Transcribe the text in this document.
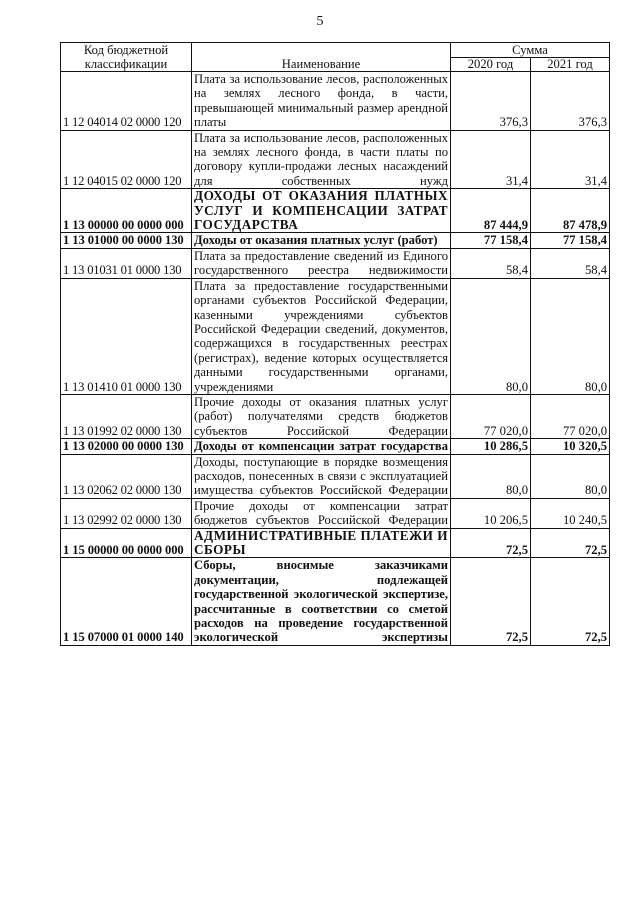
5
Код бюджетной классификации	Наименование	Сумма	
		2020 год	2021 год
1 12 04014 02 0000 120	Плата за использование лесов, расположенных на землях лесного фонда, в части, превышающей минимальный размер арендной платы	376,3	376,3
1 12 04015 02 0000 120	Плата за использование лесов, расположенных на землях лесного фонда, в части платы по договору купли-продажи лесных насаждений для собственных нужд	31,4	31,4
1 13 00000 00 0000 000	ДОХОДЫ ОТ ОКАЗАНИЯ ПЛАТНЫХ УСЛУГ И КОМПЕНСАЦИИ ЗАТРАТ ГОСУДАРСТВА	87 444,9	87 478,9
1 13 01000 00 0000 130	Доходы от оказания платных услуг (работ)	77 158,4	77 158,4
1 13 01031 01 0000 130	Плата за предоставление сведений из Единого государственного реестра недвижимости	58,4	58,4
1 13 01410 01 0000 130	Плата за предоставление государственными органами субъектов Российской Федерации, казенными учреждениями субъектов Российской Федерации сведений, документов, содержащихся в государственных реестрах (регистрах), ведение которых осуществляется данными государственными органами, учреждениями	80,0	80,0
1 13 01992 02 0000 130	Прочие доходы от оказания платных услуг (работ) получателями средств бюджетов субъектов Российской Федерации	77 020,0	77 020,0
1 13 02000 00 0000 130	Доходы от компенсации затрат государства	10 286,5	10 320,5
1 13 02062 02 0000 130	Доходы, поступающие в порядке возмещения расходов, понесенных в связи с эксплуатацией имущества субъектов Российской Федерации	80,0	80,0
1 13 02992 02 0000 130	Прочие доходы от компенсации затрат бюджетов субъектов Российской Федерации	10 206,5	10 240,5
1 15 00000 00 0000 000	АДМИНИСТРАТИВНЫЕ ПЛАТЕЖИ И СБОРЫ	72,5	72,5
1 15 07000 01 0000 140	Сборы, вносимые заказчиками документации, подлежащей государственной экологической экспертизе, рассчитанные в соответствии со сметой расходов на проведение государственной экологической экспертизы	72,5	72,5
